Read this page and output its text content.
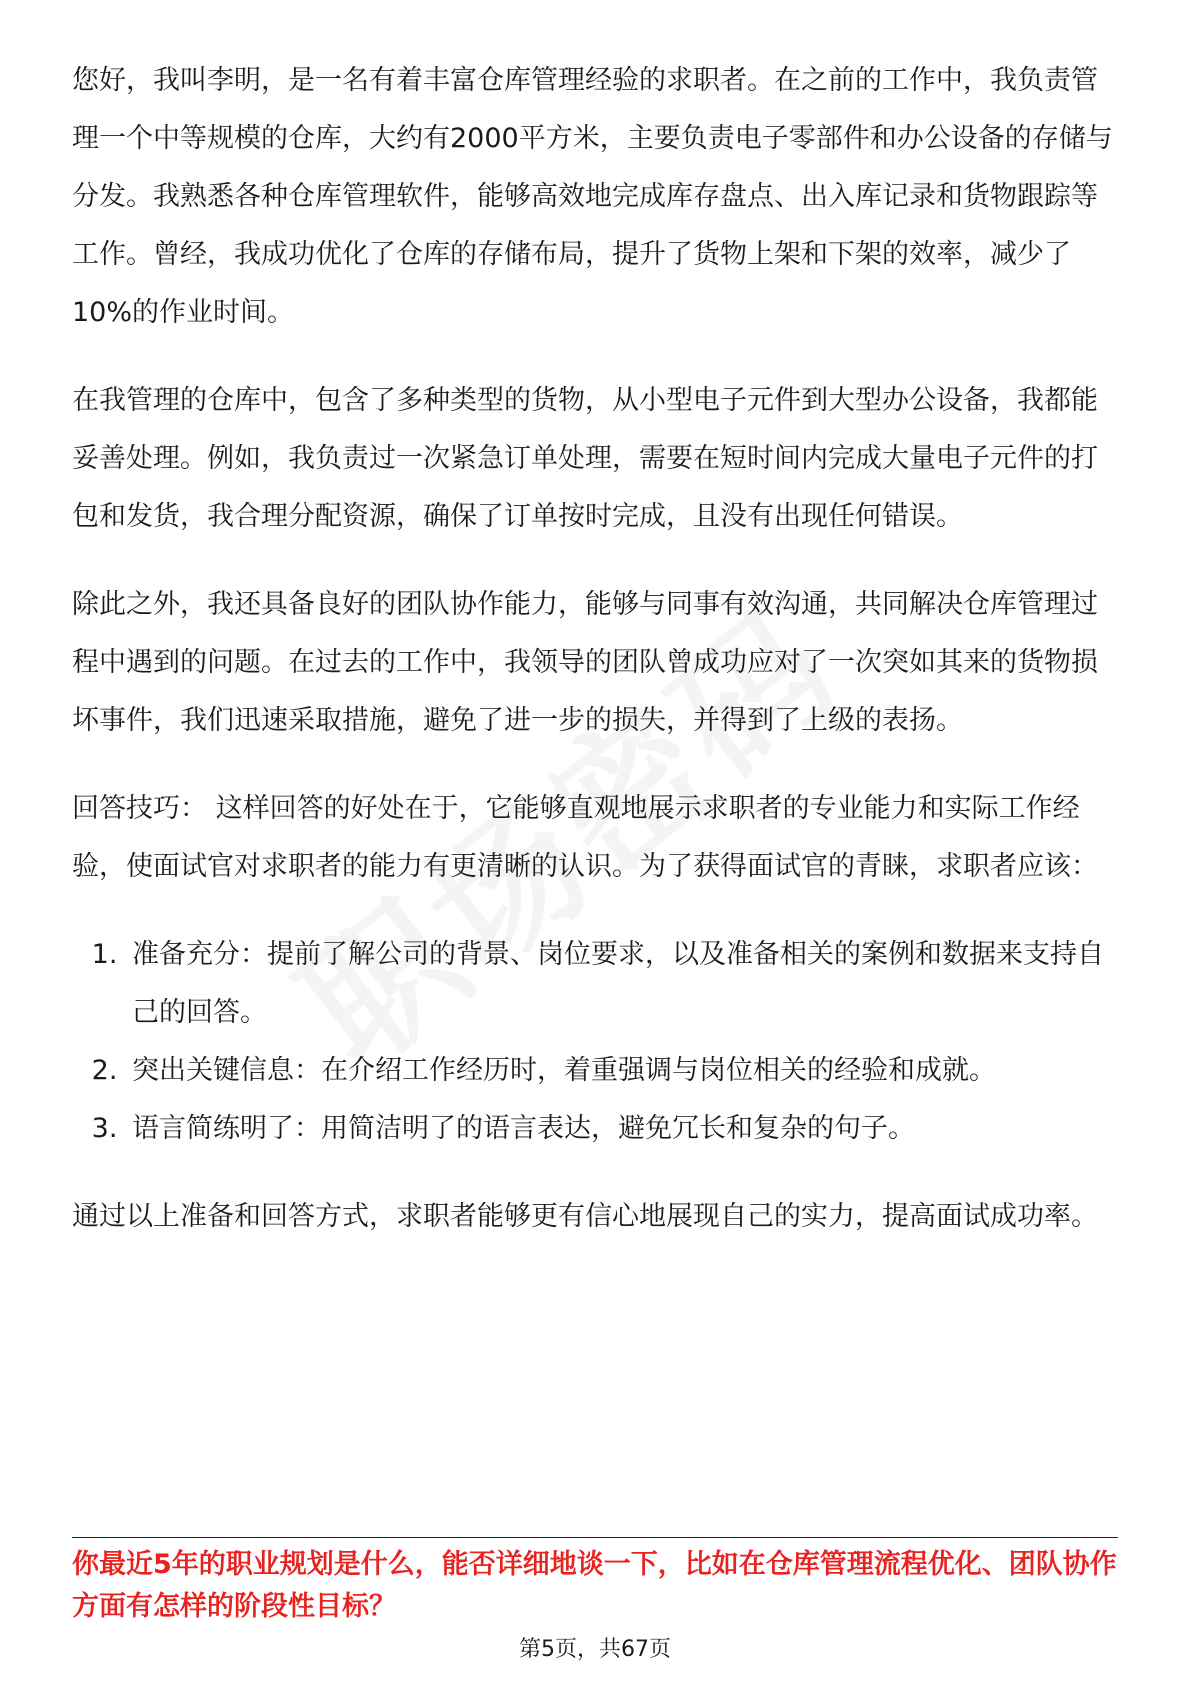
您好，我叫李明，是一名有着丰富仓库管理经验的求职者。在之前的工作中，我负责管理一个中等规模的仓库，大约有2000平方米，主要负责电子零部件和办公设备的存储与分发。我熟悉各种仓库管理软件，能够高效地完成库存盘点、出入库记录和货物跟踪等工作。曾经，我成功优化了仓库的存储布局，提升了货物上架和下架的效率，减少了10%的作业时间。

在我管理的仓库中，包含了多种类型的货物，从小型电子元件到大型办公设备，我都能妥善处理。例如，我负责过一次紧急订单处理，需要在短时间内完成大量电子元件的打包和发货，我合理分配资源，确保了订单按时完成，且没有出现任何错误。

除此之外，我还具备良好的团队协作能力，能够与同事有效沟通，共同解决仓库管理过程中遇到的问题。在过去的工作中，我领导的团队曾成功应对了一次突如其来的货物损坏事件，我们迅速采取措施，避免了进一步的损失，并得到了上级的表扬。

回答技巧： 这样回答的好处在于，它能够直观地展示求职者的专业能力和实际工作经验，使面试官对求职者的能力有更清晰的认识。为了获得面试官的青睐，求职者应该：

1. 准备充分：提前了解公司的背景、岗位要求，以及准备相关的案例和数据来支持自己的回答。
2. 突出关键信息：在介绍工作经历时，着重强调与岗位相关的经验和成就。
3. 语言简练明了：用简洁明了的语言表达，避免冗长和复杂的句子。

通过以上准备和回答方式，求职者能够更有信心地展现自己的实力，提高面试成功率。

你最近5年的职业规划是什么，能否详细地谈一下，比如在仓库管理流程优化、团队协作方面有怎样的阶段性目标？
第5页，共67页
